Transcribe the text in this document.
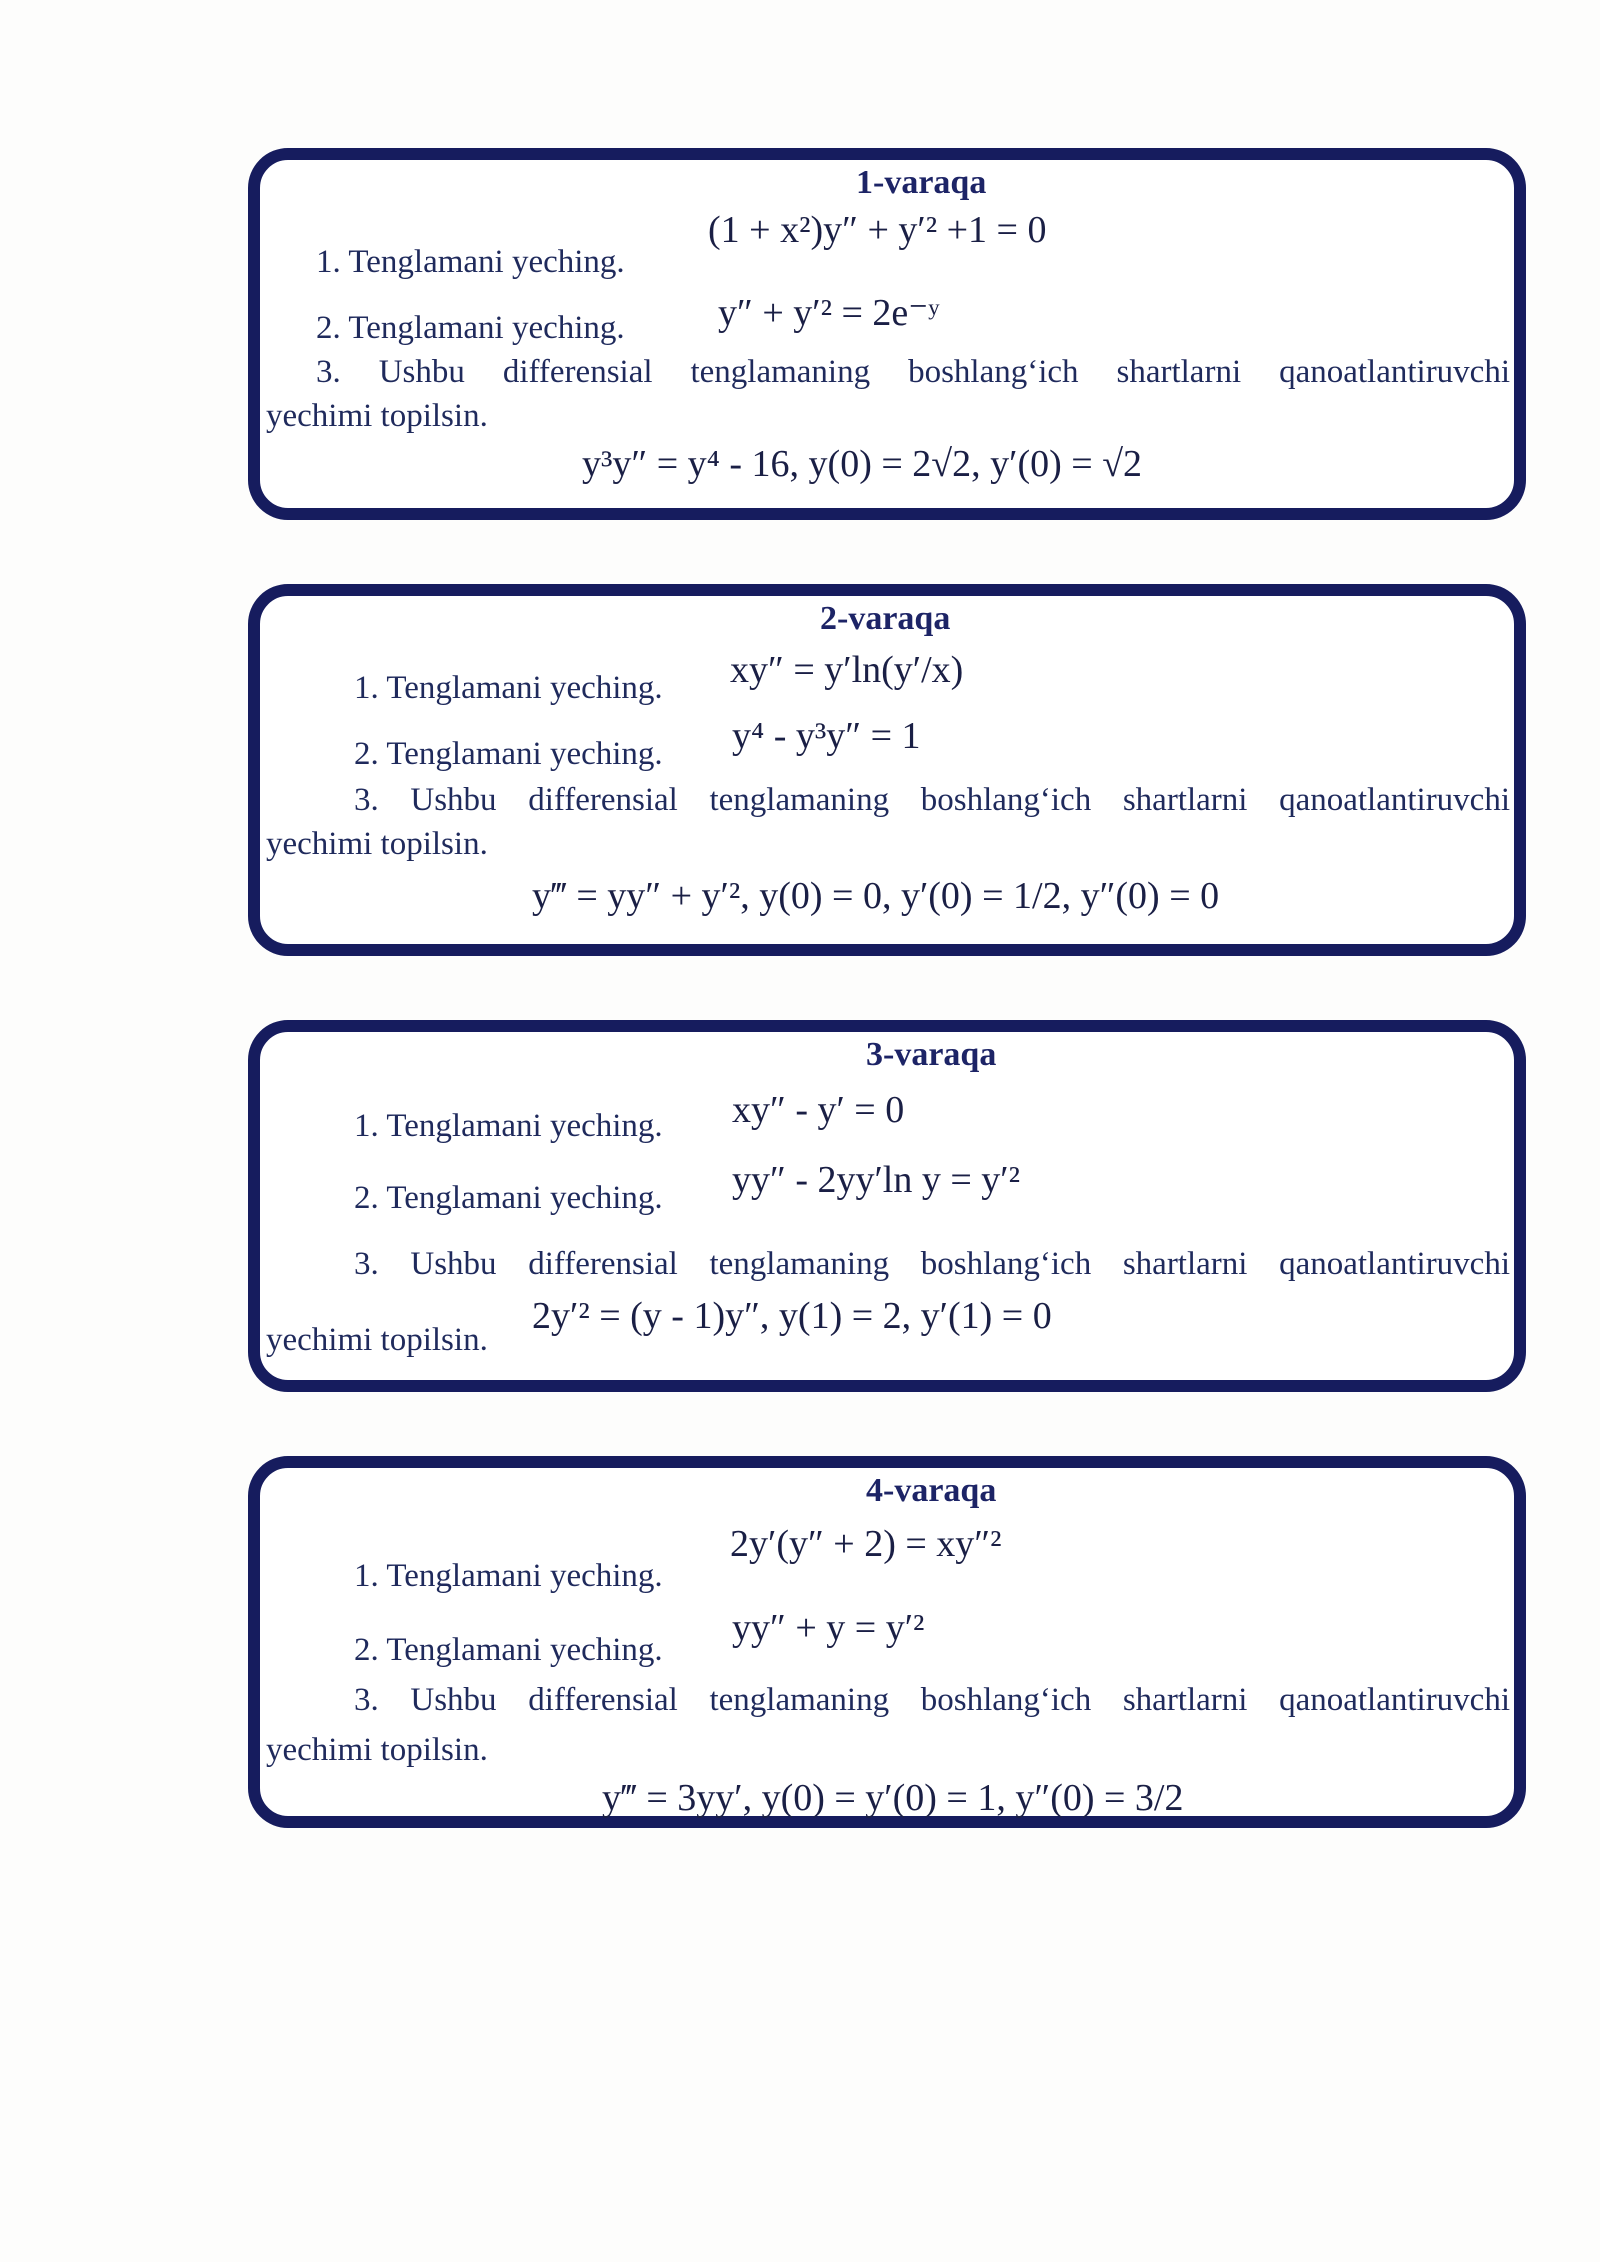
1-varaqa
1. Tenglamani yeching.
(1 + x²)y″ + y′² +1 = 0
2. Tenglamani yeching. y″ + y′² = 2e⁻ʸ
3. Ushbu differensial tenglamaning boshlang‘ich shartlarni qanoatlantiruvchi
yechimi topilsin.
y³y″ = y⁴ - 16, y(0) = 2√2, y′(0) = √2
2-varaqa
1. Tenglamani yeching. xy″ = y′ln(y′/x)
2. Tenglamani yeching. y⁴ - y³y″ = 1
3. Ushbu differensial tenglamaning boshlang‘ich shartlarni qanoatlantiruvchi
yechimi topilsin.
y‴ = yy″ + y′², y(0) = 0, y′(0) = 1/2, y″(0) = 0
3-varaqa
1. Tenglamani yeching. xy″ - y′ = 0
2. Tenglamani yeching. yy″ - 2yy′ln y = y′²
3. Ushbu differensial tenglamaning boshlang‘ich shartlarni qanoatlantiruvchi
yechimi topilsin.
2y′² = (y - 1)y″, y(1) = 2, y′(1) = 0
4-varaqa
1. Tenglamani yeching.
2y′(y″ + 2) = xy″²
2. Tenglamani yeching.
yy″ + y = y′²
3. Ushbu differensial tenglamaning boshlang‘ich shartlarni qanoatlantiruvchi
yechimi topilsin.
y‴ = 3yy′, y(0) = y′(0) = 1, y″(0) = 3/2
